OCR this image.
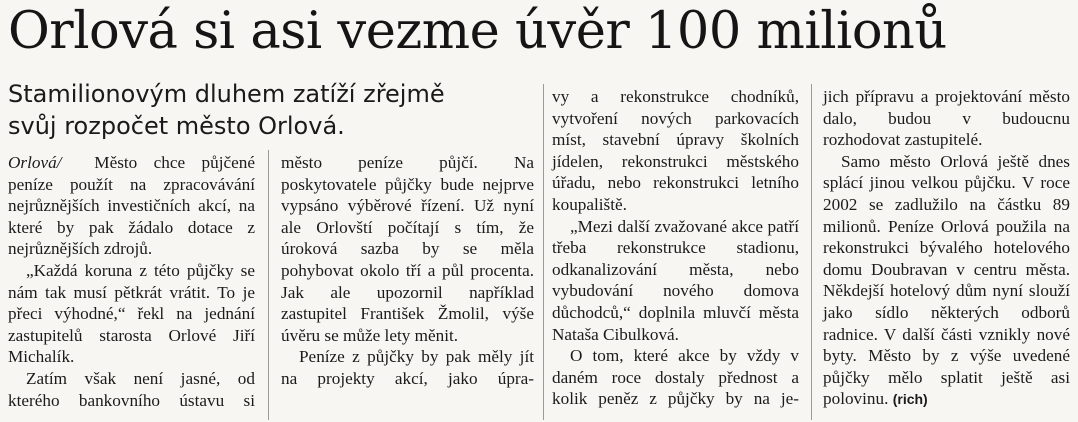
Orlová si asi vezme úvěr 100 milionů
Stamilionovým dluhem zatíží zřejmě
svůj rozpočet město Orlová.

Orlová/ Město chce půjčené peníze použít na zpracovávání nejrůznějších investičních akcí, na které by pak žádalo dotace z nejrůznějších zdrojů.

„Každá koruna z této půjčky se nám tak musí pětkrát vrátit. To je přeci výhodné,“ řekl na jednání zastupitelů starosta Orlové Jiří Michalík.

Zatím však není jasné, od kterého bankovního ústavu si

město peníze půjčí. Na poskytovatele půjčky bude nejprve vypsáno výběrové řízení. Už nyní ale Orlovští počítají s tím, že úroková sazba by se měla pohybovat okolo tří a půl procenta. Jak ale upozornil například zastupitel František Žmolil, výše úvěru se může lety měnit.

Peníze z půjčky by pak měly jít na projekty akcí, jako úpra-

vy a rekonstrukce chodníků, vytvoření nových parkovacích míst, stavební úpravy školních jídelen, rekonstrukci městského úřadu, nebo rekonstrukci letního koupaliště.

„Mezi další zvažované akce patří třeba rekonstrukce stadionu, odkanalizování města, nebo vybudování nového domova důchodců,“ doplnila mluvčí města Nataša Cibulková.

O tom, které akce by vždy v daném roce dostaly přednost a kolik peněz z půjčky by na je-

jich přípravu a projektování město dalo, budou v budoucnu rozhodovat zastupitelé.

Samo město Orlová ještě dnes splácí jinou velkou půjčku. V roce 2002 se zadlužilo na částku 89 milionů. Peníze Orlová použila na rekonstrukci bývalého hotelového domu Doubravan v centru města. Někdejší hotelový dům nyní slouží jako sídlo některých odborů radnice. V další části vznikly nové byty. Město by z výše uvedené půjčky mělo splatit ještě asi polovinu. (rich)
